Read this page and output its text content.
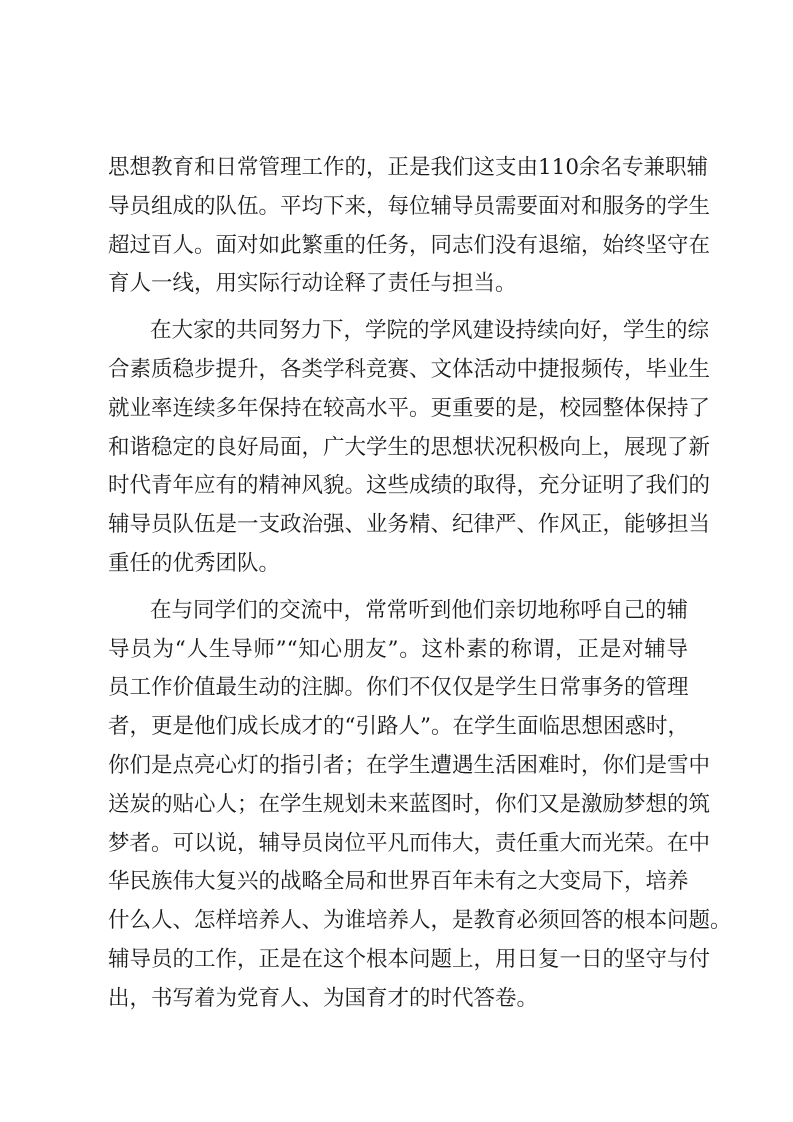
思想教育和日常管理工作的，正是我们这支由110余名专兼职辅
导员组成的队伍。平均下来，每位辅导员需要面对和服务的学生
超过百人。面对如此繁重的任务，同志们没有退缩，始终坚守在
育人一线，用实际行动诠释了责任与担当。
在大家的共同努力下，学院的学风建设持续向好，学生的综
合素质稳步提升，各类学科竞赛、文体活动中捷报频传，毕业生
就业率连续多年保持在较高水平。更重要的是，校园整体保持了
和谐稳定的良好局面，广大学生的思想状况积极向上，展现了新
时代青年应有的精神风貌。这些成绩的取得，充分证明了我们的
辅导员队伍是一支政治强、业务精、纪律严、作风正，能够担当
重任的优秀团队。
在与同学们的交流中，常常听到他们亲切地称呼自己的辅
导员为“人生导师”“知心朋友”。这朴素的称谓，正是对辅导
员工作价值最生动的注脚。你们不仅仅是学生日常事务的管理
者，更是他们成长成才的“引路人”。在学生面临思想困惑时，
你们是点亮心灯的指引者；在学生遭遇生活困难时，你们是雪中
送炭的贴心人；在学生规划未来蓝图时，你们又是激励梦想的筑
梦者。可以说，辅导员岗位平凡而伟大，责任重大而光荣。在中
华民族伟大复兴的战略全局和世界百年未有之大变局下，培养
什么人、怎样培养人、为谁培养人，是教育必须回答的根本问题。
辅导员的工作，正是在这个根本问题上，用日复一日的坚守与付
出，书写着为党育人、为国育才的时代答卷。
